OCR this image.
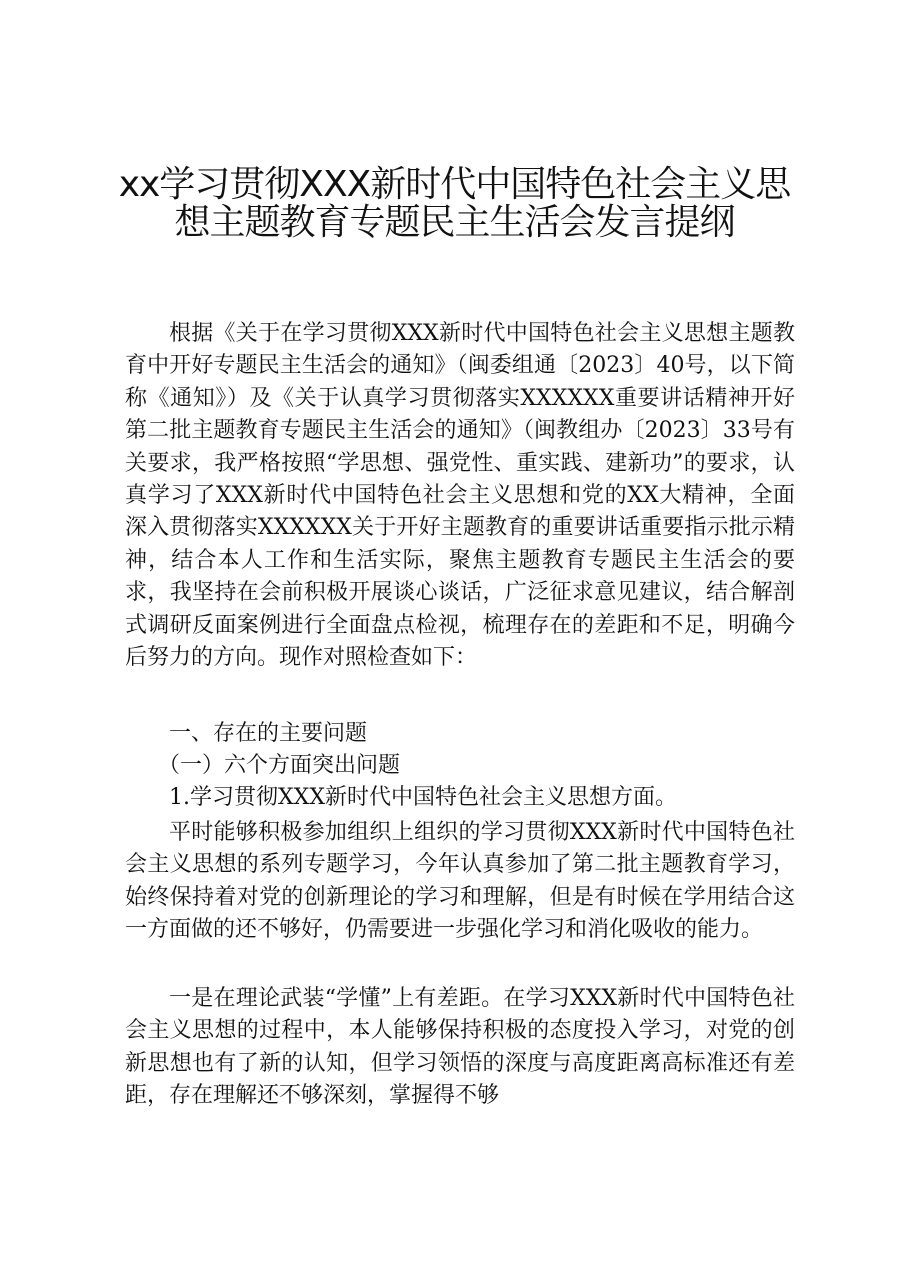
xx学习贯彻XXX新时代中国特色社会主义思
想主题教育专题民主生活会发言提纲
根据《关于在学习贯彻XXX新时代中国特色社会主义思想主题教育中开好专题民主生活会的通知》（闽委组通〔2023〕40号，以下简称《通知》）及《关于认真学习贯彻落实XXXXXX重要讲话精神开好第二批主题教育专题民主生活会的通知》（闽教组办〔2023〕33号有关要求，我严格按照“学思想、强党性、重实践、建新功”的要求，认真学习了XXX新时代中国特色社会主义思想和党的XX大精神，全面深入贯彻落实XXXXXX关于开好主题教育的重要讲话重要指示批示精神，结合本人工作和生活实际，聚焦主题教育专题民主生活会的要求，我坚持在会前积极开展谈心谈话，广泛征求意见建议，结合解剖式调研反面案例进行全面盘点检视，梳理存在的差距和不足，明确今后努力的方向。现作对照检查如下：
一、存在的主要问题
（一）六个方面突出问题
1.学习贯彻XXX新时代中国特色社会主义思想方面。
平时能够积极参加组织上组织的学习贯彻XXX新时代中国特色社会主义思想的系列专题学习，今年认真参加了第二批主题教育学习，始终保持着对党的创新理论的学习和理解，但是有时候在学用结合这一方面做的还不够好，仍需要进一步强化学习和消化吸收的能力。
一是在理论武装“学懂”上有差距。在学习XXX新时代中国特色社会主义思想的过程中，本人能够保持积极的态度投入学习，对党的创新思想也有了新的认知，但学习领悟的深度与高度距离高标准还有差距，存在理解还不够深刻，掌握得不够
